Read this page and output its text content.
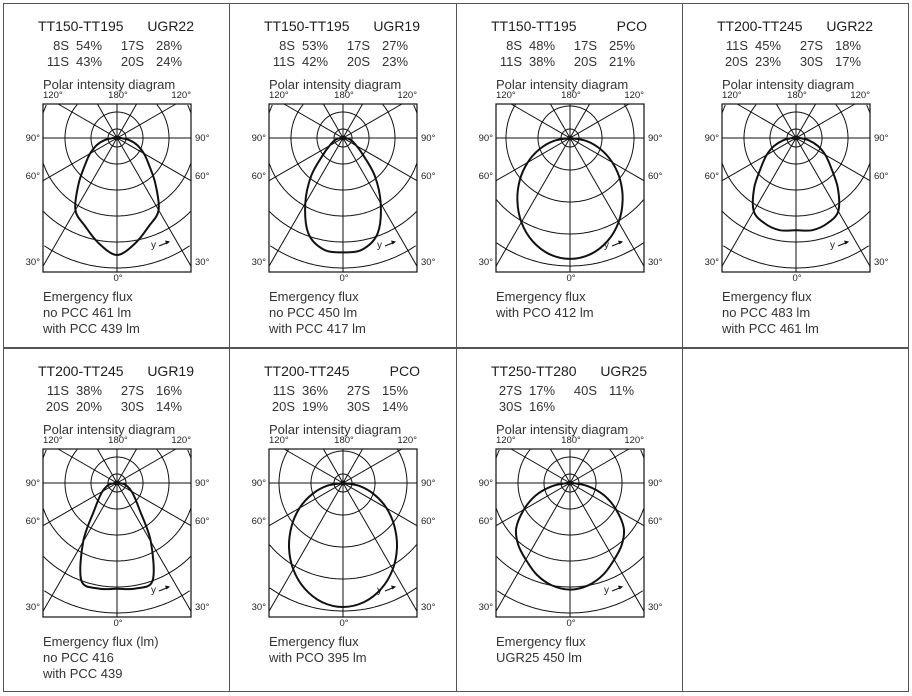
TT150-TT195 UGR22
8S 54%	17S 28%
11S 43%	20S 24%
Polar intensity diagram
120°	180°	120°
90°	90°
60°	60°
30°	30°
0°
y
Emergency flux
no PCC 461 lm
with PCC 439 lm
TT150-TT195 UGR19
8S 53%	17S 27%
11S 42%	20S 23%
Polar intensity diagram
120°	180°	120°
90°	90°
60°	60°
30°	30°
0°
y
Emergency flux
no PCC 450 lm
with PCC 417 lm
TT150-TT195	PCO
8S 48%	17S 25%
11S 38%	20S 21%
Polar intensity diagram
120°	180°	120°
90°	90°
60°	60°
30°	30°
0°
y
Emergency flux
with PCO 412 lm
TT200-TT245 UGR22
11S 45%	27S 18%
20S 23%	30S 17%
Polar intensity diagram
120°	180°	120°
90°	90°
60°	60°
30°	30°
0°
y
Emergency flux
no PCC 483 lm
with PCC 461 lm
TT200-TT245 UGR19
11S 38%	27S 16%
20S 20%	30S 14%
Polar intensity diagram
120°	180°	120°
90°	90°
60°	60°
30°	30°
0°
y
Emergency flux (lm)
no PCC 416
with PCC 439
TT200-TT245	PCO
11S 36%	27S 15%
20S 19%	30S 14%
Polar intensity diagram
120°	180°	120°
90°	90°
60°	60°
30°	30°
0°
y
Emergency flux
with PCO 395 lm
TT250-TT280 UGR25
27S 17%	40S 11%
30S 16%
Polar intensity diagram
120°	180°	120°
90°	90°
60°	60°
30°	30°
0°
y
Emergency flux
UGR25 450 lm
